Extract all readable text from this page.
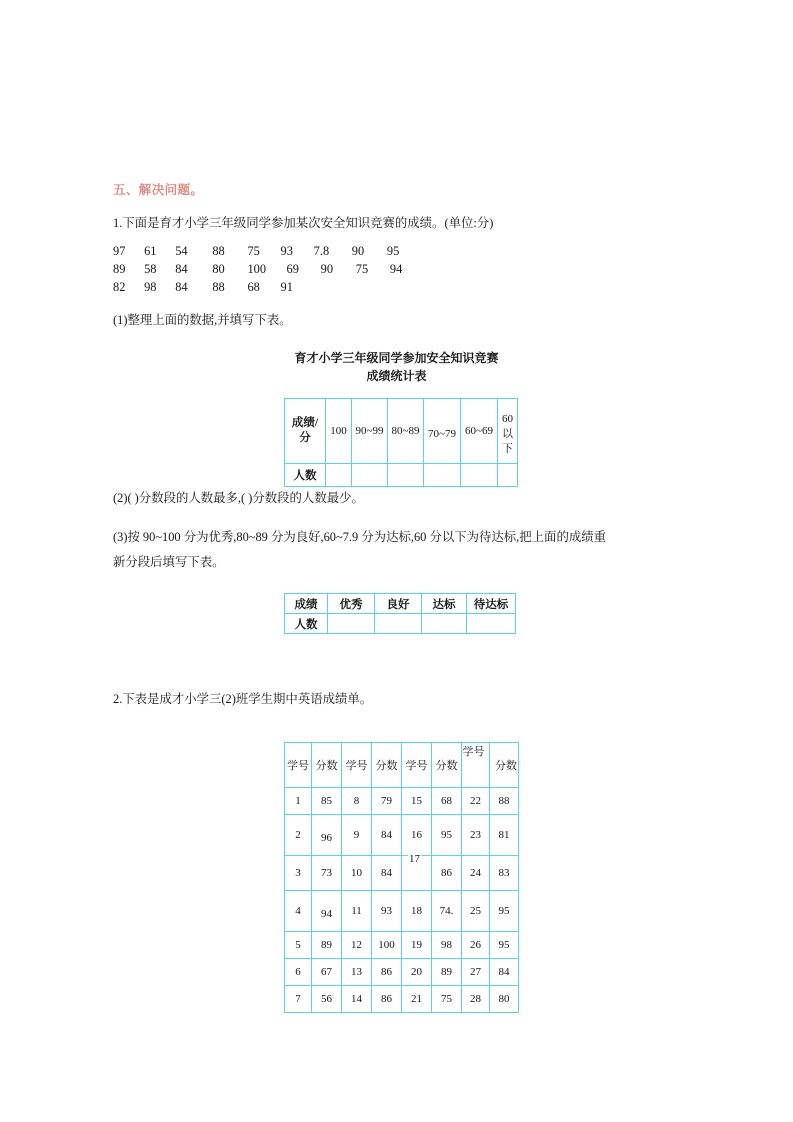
五、解决问题。
1.下面是育才小学三年级同学参加某次安全知识竞赛的成绩。(单位:分)
97 61 54 88 75 93 7.8 90 95
89 58 84 80 100 69 90 75 94
82 98 84 88 68 91
(1)整理上面的数据,并填写下表。
育才小学三年级同学参加安全知识竞赛
成绩统计表
成绩/
分	100	90~99	80~89	70~79	60~69	60
以
下

人数						
(2)( )分数段的人数最多,( )分数段的人数最少。
(3)按 90~100 分为优秀,80~89 分为良好,60~7.9 分为达标,60 分以下为待达标,把上面的成绩重
新分段后填写下表。
成绩	优秀	良好	达标	待达标
人数				
2.下表是成才小学三(2)班学生期中英语成绩单。
学号	分数	学号	分数	学号	分数	学号	分数
1	85	8	79	15	68	22	88
2	96	9	84	16	95	23	81
3	73	10	84	17	86	24	83
4	94	11	93	18	74.	25	95
5	89	12	100	19	98	26	95
6	67	13	86	20	89	27	84
7	56	14	86	21	75	28	80
